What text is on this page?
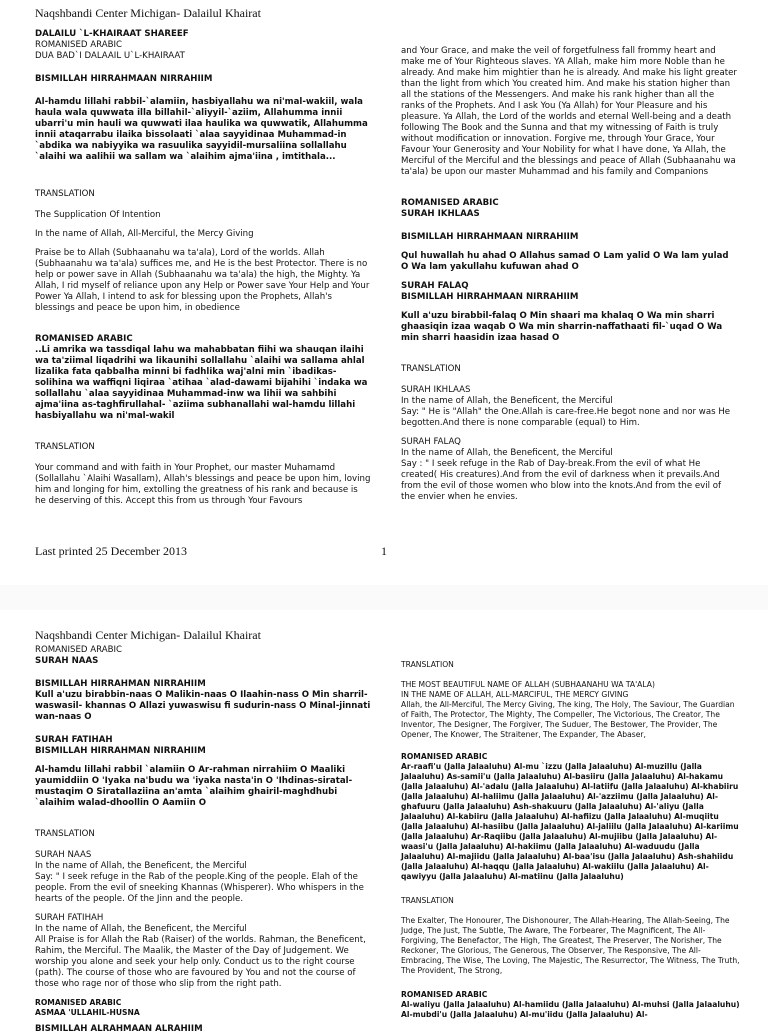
Naqshbandi Center Michigan- Dalailul Khairat

DALAILU `L-KHAIRAAT SHAREEF

ROMANISED ARABIC

DUA BAD`I DALAAIL U`L-KHAIRAAT

BISMILLAH HIRRAHMAAN NIRRAHIIM

Al-hamdu lillahi rabbil-`alamiin, hasbiyallahu wa ni'mal-wakiil, wala haula wala quwwata illa billahil-`aliyyil-`aziim, Allahumma innii ubarri'u min hauli wa quwwati ilaa haulika wa quwwatik, Allahumma innii ataqarrabu ilaika bissolaati `alaa sayyidinaa Muhammad-in `abdika wa nabiyyika wa rasuulika sayyidil-mursaliina sollallahu `alaihi wa aalihii wa sallam wa `alaihim ajma'iina , imtithala...

TRANSLATION

The Supplication Of Intention

In the name of Allah, All-Merciful, the Mercy Giving

Praise be to Allah (Subhaanahu wa ta'ala), Lord of the worlds. Allah (Subhaanahu wa ta'ala) suffices me, and He is the best Protector. There is no help or power save in Allah (Subhaanahu wa ta'ala) the high, the Mighty. Ya Allah, I rid myself of reliance upon any Help or Power save Your Help and Your Power Ya Allah, I intend to ask for blessing upon the Prophets, Allah's blessings and peace be upon him, in obedience

ROMANISED ARABIC

..Li amrika wa tassdiqal lahu wa mahabbatan fiihi wa shauqan ilaihi wa ta'ziimal liqadrihi wa likaunihi sollallahu `alaihi wa sallama ahlal lizalika fata qabbalha minni bi fadhlika waj'alni min `ibadikas-solihina wa waffiqni liqiraa `atihaa `alad-dawami bijahihi `indaka wa sollallahu `alaa sayyidinaa Muhammad-inw wa lihii wa sahbihi ajma'iina as-taghfirullahal- `aziima subhanallahi wal-hamdu lillahi hasbiyallahu wa ni'mal-wakil

TRANSLATION

Your command and with faith in Your Prophet, our master Muhamamd (Sollallahu `Alaihi Wasallam), Allah's blessings and peace be upon him, loving him and longing for him, extolling the greatness of his rank and because is he deserving of this. Accept this from us through Your Favours

and Your Grace, and make the veil of forgetfulness fall frommy heart and make me of Your Righteous slaves. YA Allah, make him more Noble than he already. And make him mightier than he is already. And make his light greater than the light from which You created him. And make his station higher than all the stations of the Messengers. And make his rank higher than all the ranks of the Prophets. And I ask You (Ya Allah) for Your Pleasure and his pleasure. Ya Allah, the Lord of the worlds and eternal Well-being and a death following The Book and the Sunna and that my witnessing of Faith is truly without modification or innovation. Forgive me, through Your Grace, Your Favour Your Generosity and Your Nobility for what I have done, Ya Allah, the Merciful of the Merciful and the blessings and peace of Allah (Subhaanahu wa ta'ala) be upon our master Muhammad and his family and Companions

ROMANISED ARABIC

SURAH IKHLAAS

BISMILLAH HIRRAHMAAN NIRRAHIIM

Qul huwallah hu ahad O Allahus samad O Lam yalid O Wa lam yulad O Wa lam yakullahu kufuwan ahad O

SURAH FALAQ

BISMILLAH HIRRAHMAAN NIRRAHIIM

Kull a'uzu birabbil-falaq O Min shaari ma khalaq O Wa min sharri ghaasiqin izaa waqab O Wa min sharrin-naffathaati fil-`uqad O Wa min sharri haasidin izaa hasad O

TRANSLATION

SURAH IKHLAAS

In the name of Allah, the Beneficent, the Merciful

Say: " He is "Allah" the One.Allah is care-free.He begot none and nor was He begotten.And there is none comparable (equal) to Him.

SURAH FALAQ

In the name of Allah, the Beneficent, the Merciful

Say : " I seek refuge in the Rab of Day-break.From the evil of what He created( His creatures).And from the evil of darkness when it prevails.And from the evil of those women who blow into the knots.And from the evil of the envier when he envies.

Last printed 25 December 2013	1

Naqshbandi Center Michigan- Dalailul Khairat

ROMANISED ARABIC

SURAH NAAS

BISMILLAH HIRRAHMAN NIRRAHIIM

Kull a'uzu birabbin-naas O Malikin-naas O Ilaahin-nass O Min sharril-waswasil- khannas O Allazi yuwaswisu fi sudurin-nass O Minal-jinnati wan-naas O

SURAH FATIHAH

BISMILLAH HIRRAHMAN NIRRAHIIM

Al-hamdu lillahi rabbil `alamiin O Ar-rahman nirrahiim O Maaliki yaumiddiin O 'Iyaka na'budu wa 'iyaka nasta'in O 'Ihdinas-siratal-mustaqim O Siratallaziina an'amta `alaihim ghairil-maghdhubi `alaihim walad-dhoollin O Aamiin O

TRANSLATION

SURAH NAAS

In the name of Allah, the Beneficent, the Merciful

Say: " I seek refuge in the Rab of the people.King of the people. Elah of the people. From the evil of sneeking Khannas (Whisperer). Who whispers in the hearts of the people. Of the Jinn and the people.

SURAH FATIHAH

In the name of Allah, the Beneficent, the Merciful

All Praise is for Allah the Rab (Raiser) of the worlds. Rahman, the Beneficent, Rahim, the Merciful. The Maalik, the Master of the Day of Judgement. We worship you alone and seek your help only. Conduct us to the right course (path). The course of those who are favoured by You and not the course of those who rage nor of those who slip from the right path.

ROMANISED ARABIC

ASMAA 'ULLAHIL-HUSNA

BISMILLAH ALRAHMAAN ALRAHIIM

TRANSLATION

THE MOST BEAUTIFUL NAME OF ALLAH (SUBHAANAHU WA TA'ALA)

IN THE NAME OF ALLAH, ALL-MARCIFUL, THE MERCY GIVING

Allah, the All-Merciful, The Mercy Giving, The king, The Holy, The Saviour, The Guardian of Faith, The Protector, The Mighty, The Compeller, The Victorious, The Creator, The Inventor, The Designer, The Forgiver, The Suduer, The Bestower, The Provider, The Opener, The Knower, The Straitener, The Expander, The Abaser,

ROMANISED ARABIC

Ar-raafi'u (Jalla Jalaaluhu) Al-mu `izzu (Jalla Jalaaluhu) Al-muzillu (Jalla Jalaaluhu) As-samii'u (Jalla Jalaaluhu) Al-basiiru (Jalla Jalaaluhu) Al-hakamu (Jalla Jalaaluhu) Al-'adalu (Jalla Jalaaluhu) Al-latiifu (Jalla Jalaaluhu) Al-khabiiru (Jalla Jalaaluhu) Al-haliimu (Jalla Jalaaluhu) Al-'azziimu (Jalla Jalaaluhu) Al-ghafuuru (Jalla Jalaaluhu) Ash-shakuuru (Jalla Jalaaluhu) Al-'aliyu (Jalla Jalaaluhu) Al-kabiiru (Jalla Jalaaluhu) Al-hafiizu (Jalla Jalaaluhu) Al-muqiitu (Jalla Jalaaluhu) Al-hasiibu (Jalla Jalaaluhu) Al-jaliilu (Jalla Jalaaluhu) Al-kariimu (Jalla Jalaaluhu) Ar-Raqiibu (Jalla Jalaaluhu) Al-mujiibu (Jalla Jalaaluhu) Al-waasi'u (Jalla Jalaaluhu) Al-hakiimu (Jalla Jalaaluhu) Al-waduudu (Jalla Jalaaluhu) Al-majiidu (Jalla Jalaaluhu) Al-baa'isu (Jalla Jalaaluhu) Ash-shahiidu (Jalla Jalaaluhu) Al-haqqu (Jalla Jalaaluhu) Al-wakiilu (Jalla Jalaaluhu) Al-qawiyyu (Jalla Jalaaluhu) Al-matiinu (Jalla Jalaaluhu)

TRANSLATION

The Exalter, The Honourer, The Dishonourer, The Allah-Hearing, The Allah-Seeing, The Judge, The Just, The Subtle, The Aware, The Forbearer, The Magnificent, The All-Forgiving, The Benefactor, The High, The Greatest, The Preserver, The Norisher, The Reckoner, The Glorious, The Generous, The Observer, The Responsive, The All-Embracing, The Wise, The Loving, The Majestic, The Resurrector, The Witness, The Truth, The Provident, The Strong,

ROMANISED ARABIC

Al-waliyu (Jalla Jalaaluhu) Al-hamiidu (Jalla Jalaaluhu) Al-muhsi (Jalla Jalaaluhu) Al-mubdi'u (Jalla Jalaaluhu) Al-mu'iidu (Jalla Jalaaluhu) Al-
